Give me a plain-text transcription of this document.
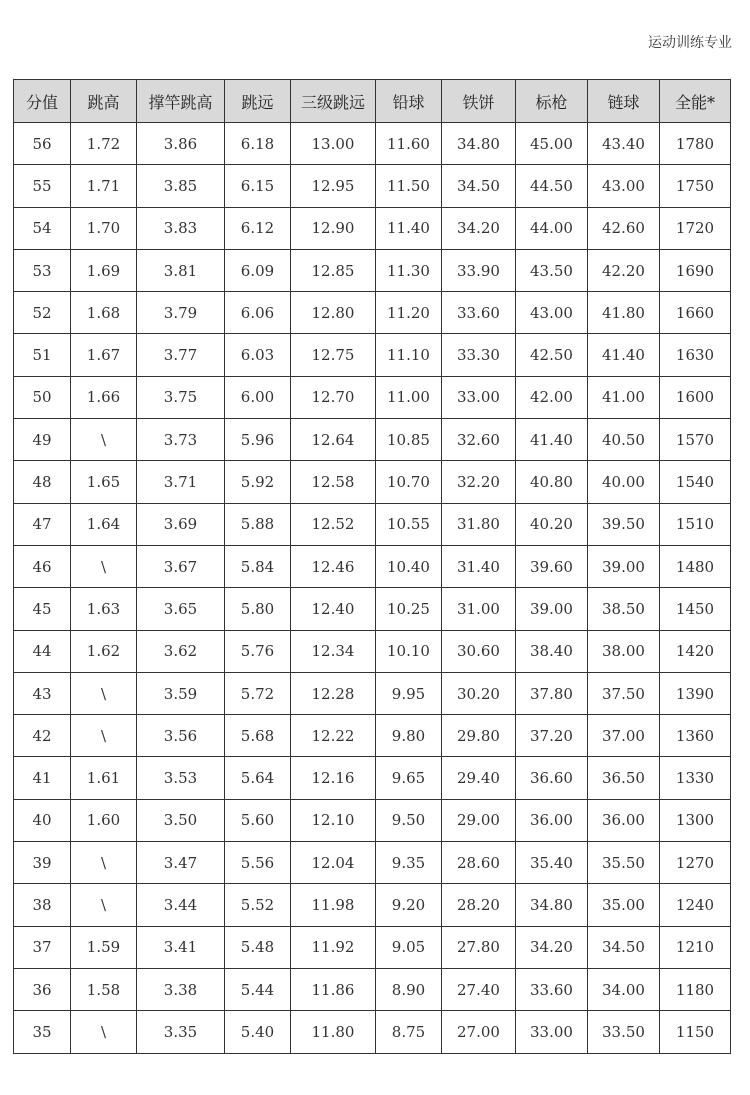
运动训练专业
分值	跳高	撑竿跳高	跳远	三级跳远	铅球	铁饼	标枪	链球	全能*
56	1.72	3.86	6.18	13.00	11.60	34.80	45.00	43.40	1780
55	1.71	3.85	6.15	12.95	11.50	34.50	44.50	43.00	1750
54	1.70	3.83	6.12	12.90	11.40	34.20	44.00	42.60	1720
53	1.69	3.81	6.09	12.85	11.30	33.90	43.50	42.20	1690
52	1.68	3.79	6.06	12.80	11.20	33.60	43.00	41.80	1660
51	1.67	3.77	6.03	12.75	11.10	33.30	42.50	41.40	1630
50	1.66	3.75	6.00	12.70	11.00	33.00	42.00	41.00	1600
49	\	3.73	5.96	12.64	10.85	32.60	41.40	40.50	1570
48	1.65	3.71	5.92	12.58	10.70	32.20	40.80	40.00	1540
47	1.64	3.69	5.88	12.52	10.55	31.80	40.20	39.50	1510
46	\	3.67	5.84	12.46	10.40	31.40	39.60	39.00	1480
45	1.63	3.65	5.80	12.40	10.25	31.00	39.00	38.50	1450
44	1.62	3.62	5.76	12.34	10.10	30.60	38.40	38.00	1420
43	\	3.59	5.72	12.28	9.95	30.20	37.80	37.50	1390
42	\	3.56	5.68	12.22	9.80	29.80	37.20	37.00	1360
41	1.61	3.53	5.64	12.16	9.65	29.40	36.60	36.50	1330
40	1.60	3.50	5.60	12.10	9.50	29.00	36.00	36.00	1300
39	\	3.47	5.56	12.04	9.35	28.60	35.40	35.50	1270
38	\	3.44	5.52	11.98	9.20	28.20	34.80	35.00	1240
37	1.59	3.41	5.48	11.92	9.05	27.80	34.20	34.50	1210
36	1.58	3.38	5.44	11.86	8.90	27.40	33.60	34.00	1180
35	\	3.35	5.40	11.80	8.75	27.00	33.00	33.50	1150
